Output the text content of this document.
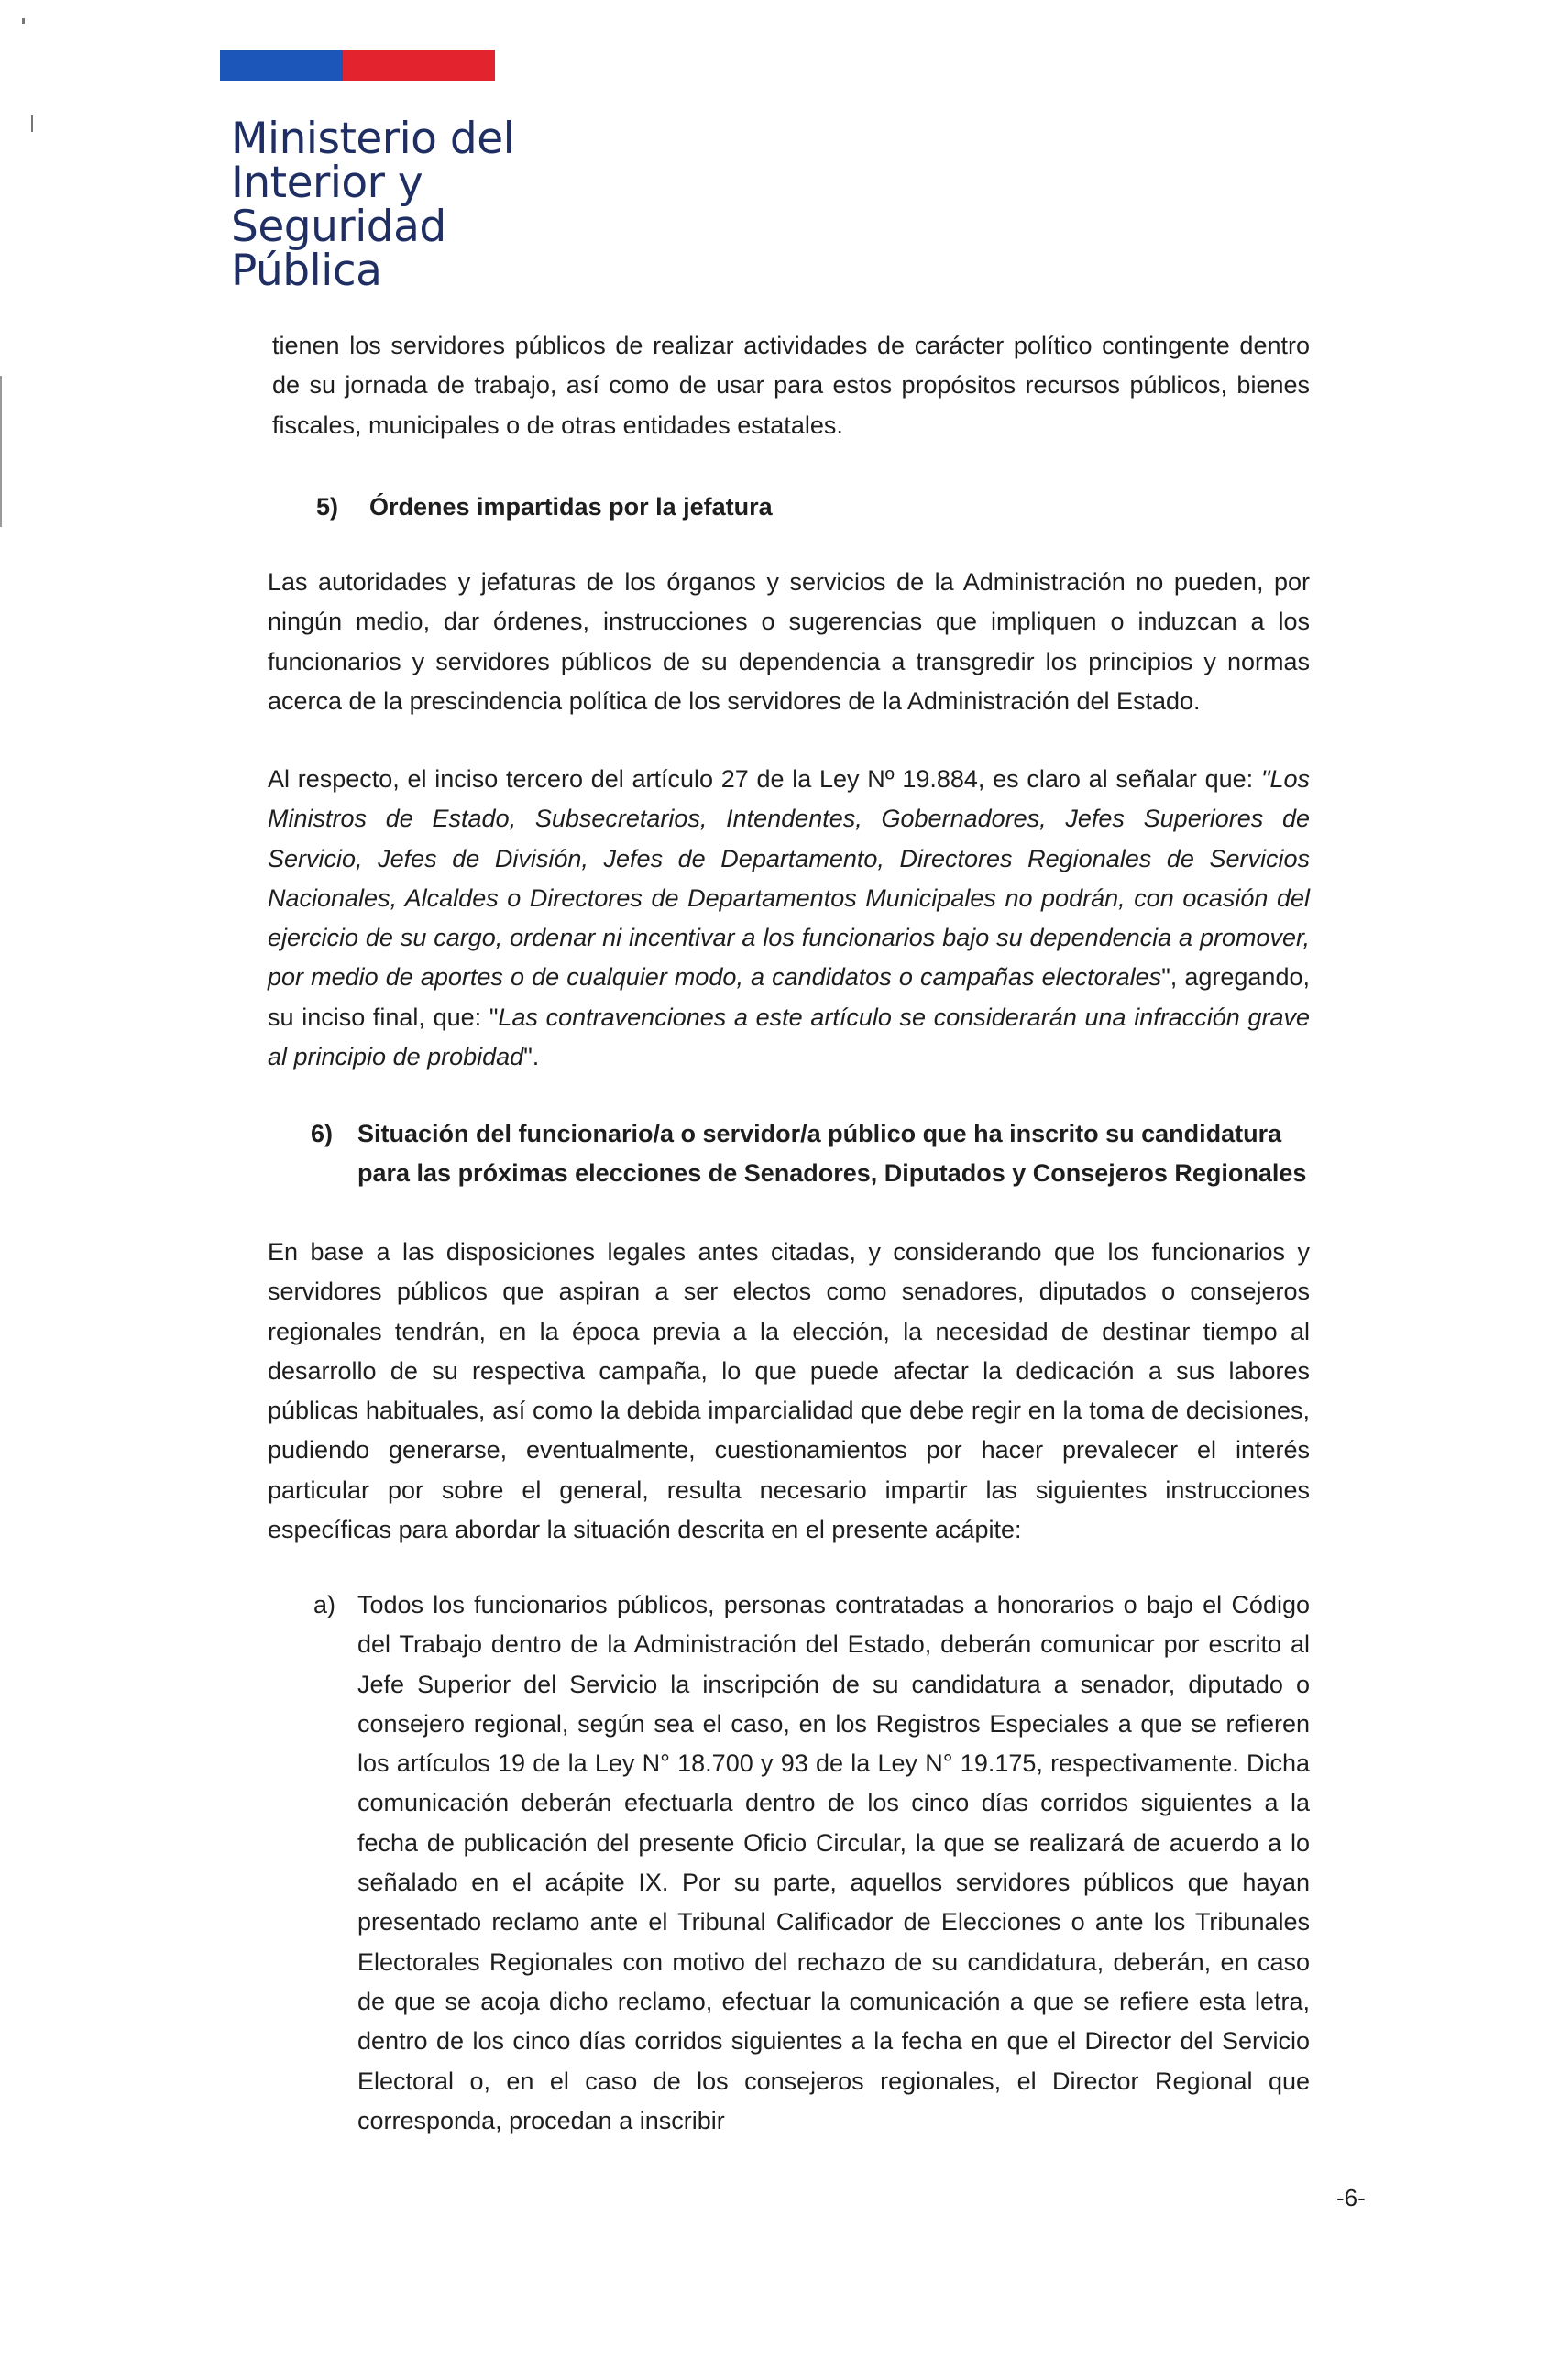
Ministerio del
Interior y
Seguridad
Pública

tienen los servidores públicos de realizar actividades de carácter político contingente dentro de su jornada de trabajo, así como de usar para estos propósitos recursos públicos, bienes fiscales, municipales o de otras entidades estatales.

5) Órdenes impartidas por la jefatura

Las autoridades y jefaturas de los órganos y servicios de la Administración no pueden, por ningún medio, dar órdenes, instrucciones o sugerencias que impliquen o induzcan a los funcionarios y servidores públicos de su dependencia a transgredir los principios y normas acerca de la prescindencia política de los servidores de la Administración del Estado.

Al respecto, el inciso tercero del artículo 27 de la Ley Nº 19.884, es claro al señalar que: "Los Ministros de Estado, Subsecretarios, Intendentes, Gobernadores, Jefes Superiores de Servicio, Jefes de División, Jefes de Departamento, Directores Regionales de Servicios Nacionales, Alcaldes o Directores de Departamentos Municipales no podrán, con ocasión del ejercicio de su cargo, ordenar ni incentivar a los funcionarios bajo su dependencia a promover, por medio de aportes o de cualquier modo, a candidatos o campañas electorales", agregando, su inciso final, que: "Las contravenciones a este artículo se considerarán una infracción grave al principio de probidad".

6) Situación del funcionario/a o servidor/a público que ha inscrito su candidatura para las próximas elecciones de Senadores, Diputados y Consejeros Regionales

En base a las disposiciones legales antes citadas, y considerando que los funcionarios y servidores públicos que aspiran a ser electos como senadores, diputados o consejeros regionales tendrán, en la época previa a la elección, la necesidad de destinar tiempo al desarrollo de su respectiva campaña, lo que puede afectar la dedicación a sus labores públicas habituales, así como la debida imparcialidad que debe regir en la toma de decisiones, pudiendo generarse, eventualmente, cuestionamientos por hacer prevalecer el interés particular por sobre el general, resulta necesario impartir las siguientes instrucciones específicas para abordar la situación descrita en el presente acápite:

a) Todos los funcionarios públicos, personas contratadas a honorarios o bajo el Código del Trabajo dentro de la Administración del Estado, deberán comunicar por escrito al Jefe Superior del Servicio la inscripción de su candidatura a senador, diputado o consejero regional, según sea el caso, en los Registros Especiales a que se refieren los artículos 19 de la Ley N° 18.700 y 93 de la Ley N° 19.175, respectivamente. Dicha comunicación deberán efectuarla dentro de los cinco días corridos siguientes a la fecha de publicación del presente Oficio Circular, la que se realizará de acuerdo a lo señalado en el acápite IX. Por su parte, aquellos servidores públicos que hayan presentado reclamo ante el Tribunal Calificador de Elecciones o ante los Tribunales Electorales Regionales con motivo del rechazo de su candidatura, deberán, en caso de que se acoja dicho reclamo, efectuar la comunicación a que se refiere esta letra, dentro de los cinco días corridos siguientes a la fecha en que el Director del Servicio Electoral o, en el caso de los consejeros regionales, el Director Regional que corresponda, procedan a inscribir

-6-
